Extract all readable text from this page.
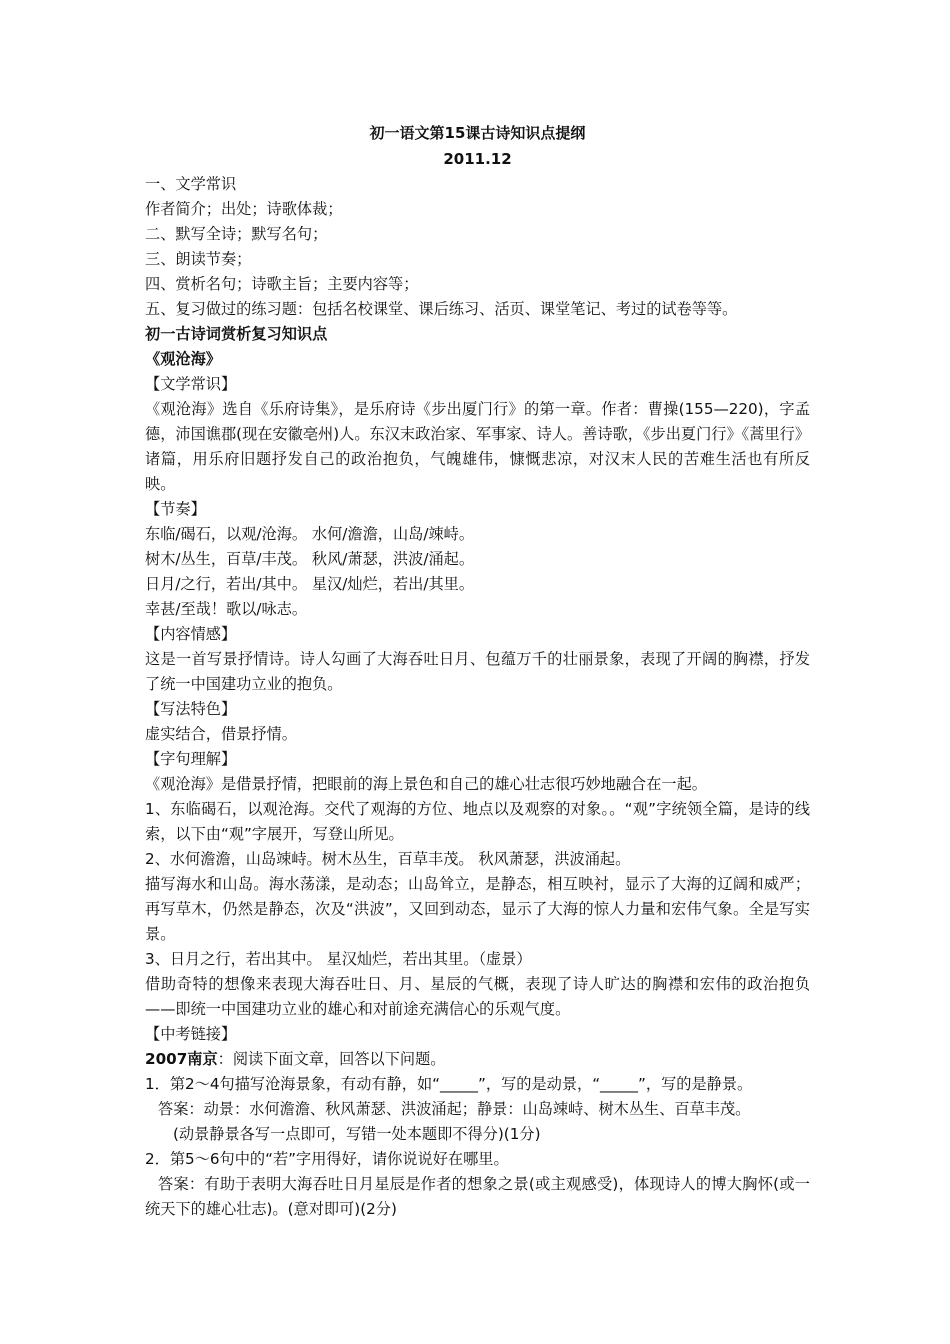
初一语文第15课古诗知识点提纲
2011.12
一、文学常识
作者简介；出处；诗歌体裁；
二、默写全诗；默写名句；
三、朗读节奏；
四、赏析名句；诗歌主旨；主要内容等；
五、复习做过的练习题：包括名校课堂、课后练习、活页、课堂笔记、考过的试卷等等。
初一古诗词赏析复习知识点
《观沧海》
【文学常识】
《观沧海》选自《乐府诗集》，是乐府诗《步出厦门行》的第一章。作者：曹操(155—220)，字孟德，沛国谯郡(现在安徽亳州)人。东汉末政治家、军事家、诗人。善诗歌，《步出夏门行》《蒿里行》诸篇，用乐府旧题抒发自己的政治抱负，气魄雄伟，慷慨悲凉，对汉末人民的苦难生活也有所反映。
【节奏】
东临/碣石，以观/沧海。 水何/澹澹，山岛/竦峙。
树木/丛生，百草/丰茂。 秋风/萧瑟，洪波/涌起。
日月/之行，若出/其中。 星汉/灿烂，若出/其里。
幸甚/至哉！歌以/咏志。
【内容情感】
这是一首写景抒情诗。诗人勾画了大海吞吐日月、包蕴万千的壮丽景象，表现了开阔的胸襟，抒发了统一中国建功立业的抱负。
【写法特色】
虚实结合，借景抒情。
【字句理解】
《观沧海》是借景抒情，把眼前的海上景色和自己的雄心壮志很巧妙地融合在一起。
1、东临碣石，以观沧海。交代了观海的方位、地点以及观察的对象。。“观”字统领全篇，是诗的线索，以下由“观”字展开，写登山所见。
2、水何澹澹，山岛竦峙。树木丛生，百草丰茂。 秋风萧瑟，洪波涌起。
描写海水和山岛。海水荡漾，是动态；山岛耸立，是静态，相互映衬，显示了大海的辽阔和威严；再写草木，仍然是静态，次及“洪波”，又回到动态，显示了大海的惊人力量和宏伟气象。全是写实景。
3、日月之行，若出其中。 星汉灿烂，若出其里。（虚景）
借助奇特的想像来表现大海吞吐日、月、星辰的气概，表现了诗人旷达的胸襟和宏伟的政治抱负——即统一中国建功立业的雄心和对前途充满信心的乐观气度。
【中考链接】
2007南京：阅读下面文章，回答以下问题。
1．第2～4句描写沧海景象，有动有静，如“_____”，写的是动景，“_____”，写的是静景。
答案：动景：水何澹澹、秋风萧瑟、洪波涌起；静景：山岛竦峙、树木丛生、百草丰茂。
(动景静景各写一点即可，写错一处本题即不得分)(1分)
2．第5～6句中的“若”字用得好，请你说说好在哪里。
答案：有助于表明大海吞吐日月星辰是作者的想象之景(或主观感受)，体现诗人的博大胸怀(或一统天下的雄心壮志)。(意对即可)(2分)
